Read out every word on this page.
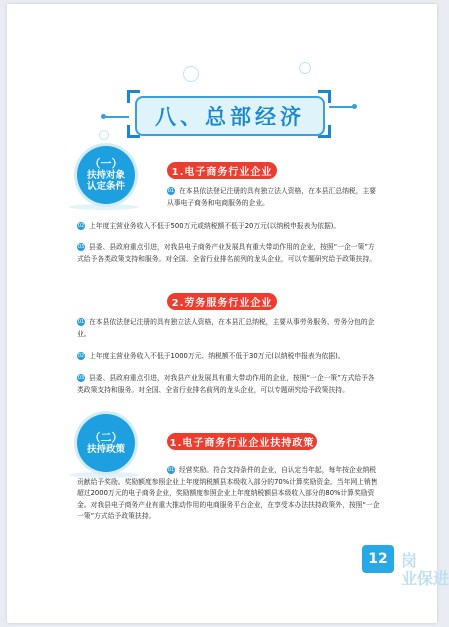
八、总部经济
（一）
扶持对象
认定条件
1.电子商务行业企业
01 在本县依法登记注册的具有独立法人资格，在本县汇总纳税，主要从事电子商务和电商服务的企业。
02 上年度主营业务收入不低于500万元或纳税额不低于20万元(以纳税申报表为依据)。
03 县委、县政府重点引进，对我县电子商务产业发展具有重大带动作用的企业，按照“一企一策”方式给予各类政策支持和服务。对全国、全省行业排名前列的龙头企业，可以专题研究给予政策扶持。
2.劳务服务行业企业
01 在本县依法登记注册的具有独立法人资格，在本县汇总纳税，主要从事劳务服务、劳务分包的企业。
02 上年度主营业务收入不低于1000万元、纳税额不低于30万元(以纳税申报表为依据)。
03 县委、县政府重点引进，对我县产业发展具有重大带动作用的企业，按照“一企一策”方式给予各类政策支持和服务。对全国、全省行业排名前列的龙头企业，可以专题研究给予政策扶持。
（二）
扶持政策	1.电子商务行业企业扶持政策
01 经营奖励。符合支持条件的企业，自认定当年起，每年按企业纳税贡献给予奖励。奖励额度参照企业上年度纳税额县本级收入部分的70%计算奖励资金。当年网上销售超过2000万元的电子商务企业，奖励额度参照企业上年度纳税额县本级收入部分的80%计算奖励资金。对我县电子商务产业有重大推动作用的电商服务平台企业，在享受本办法扶持政策外，按照“一企一策”方式给予政策扶持。
12 岗
业保进
